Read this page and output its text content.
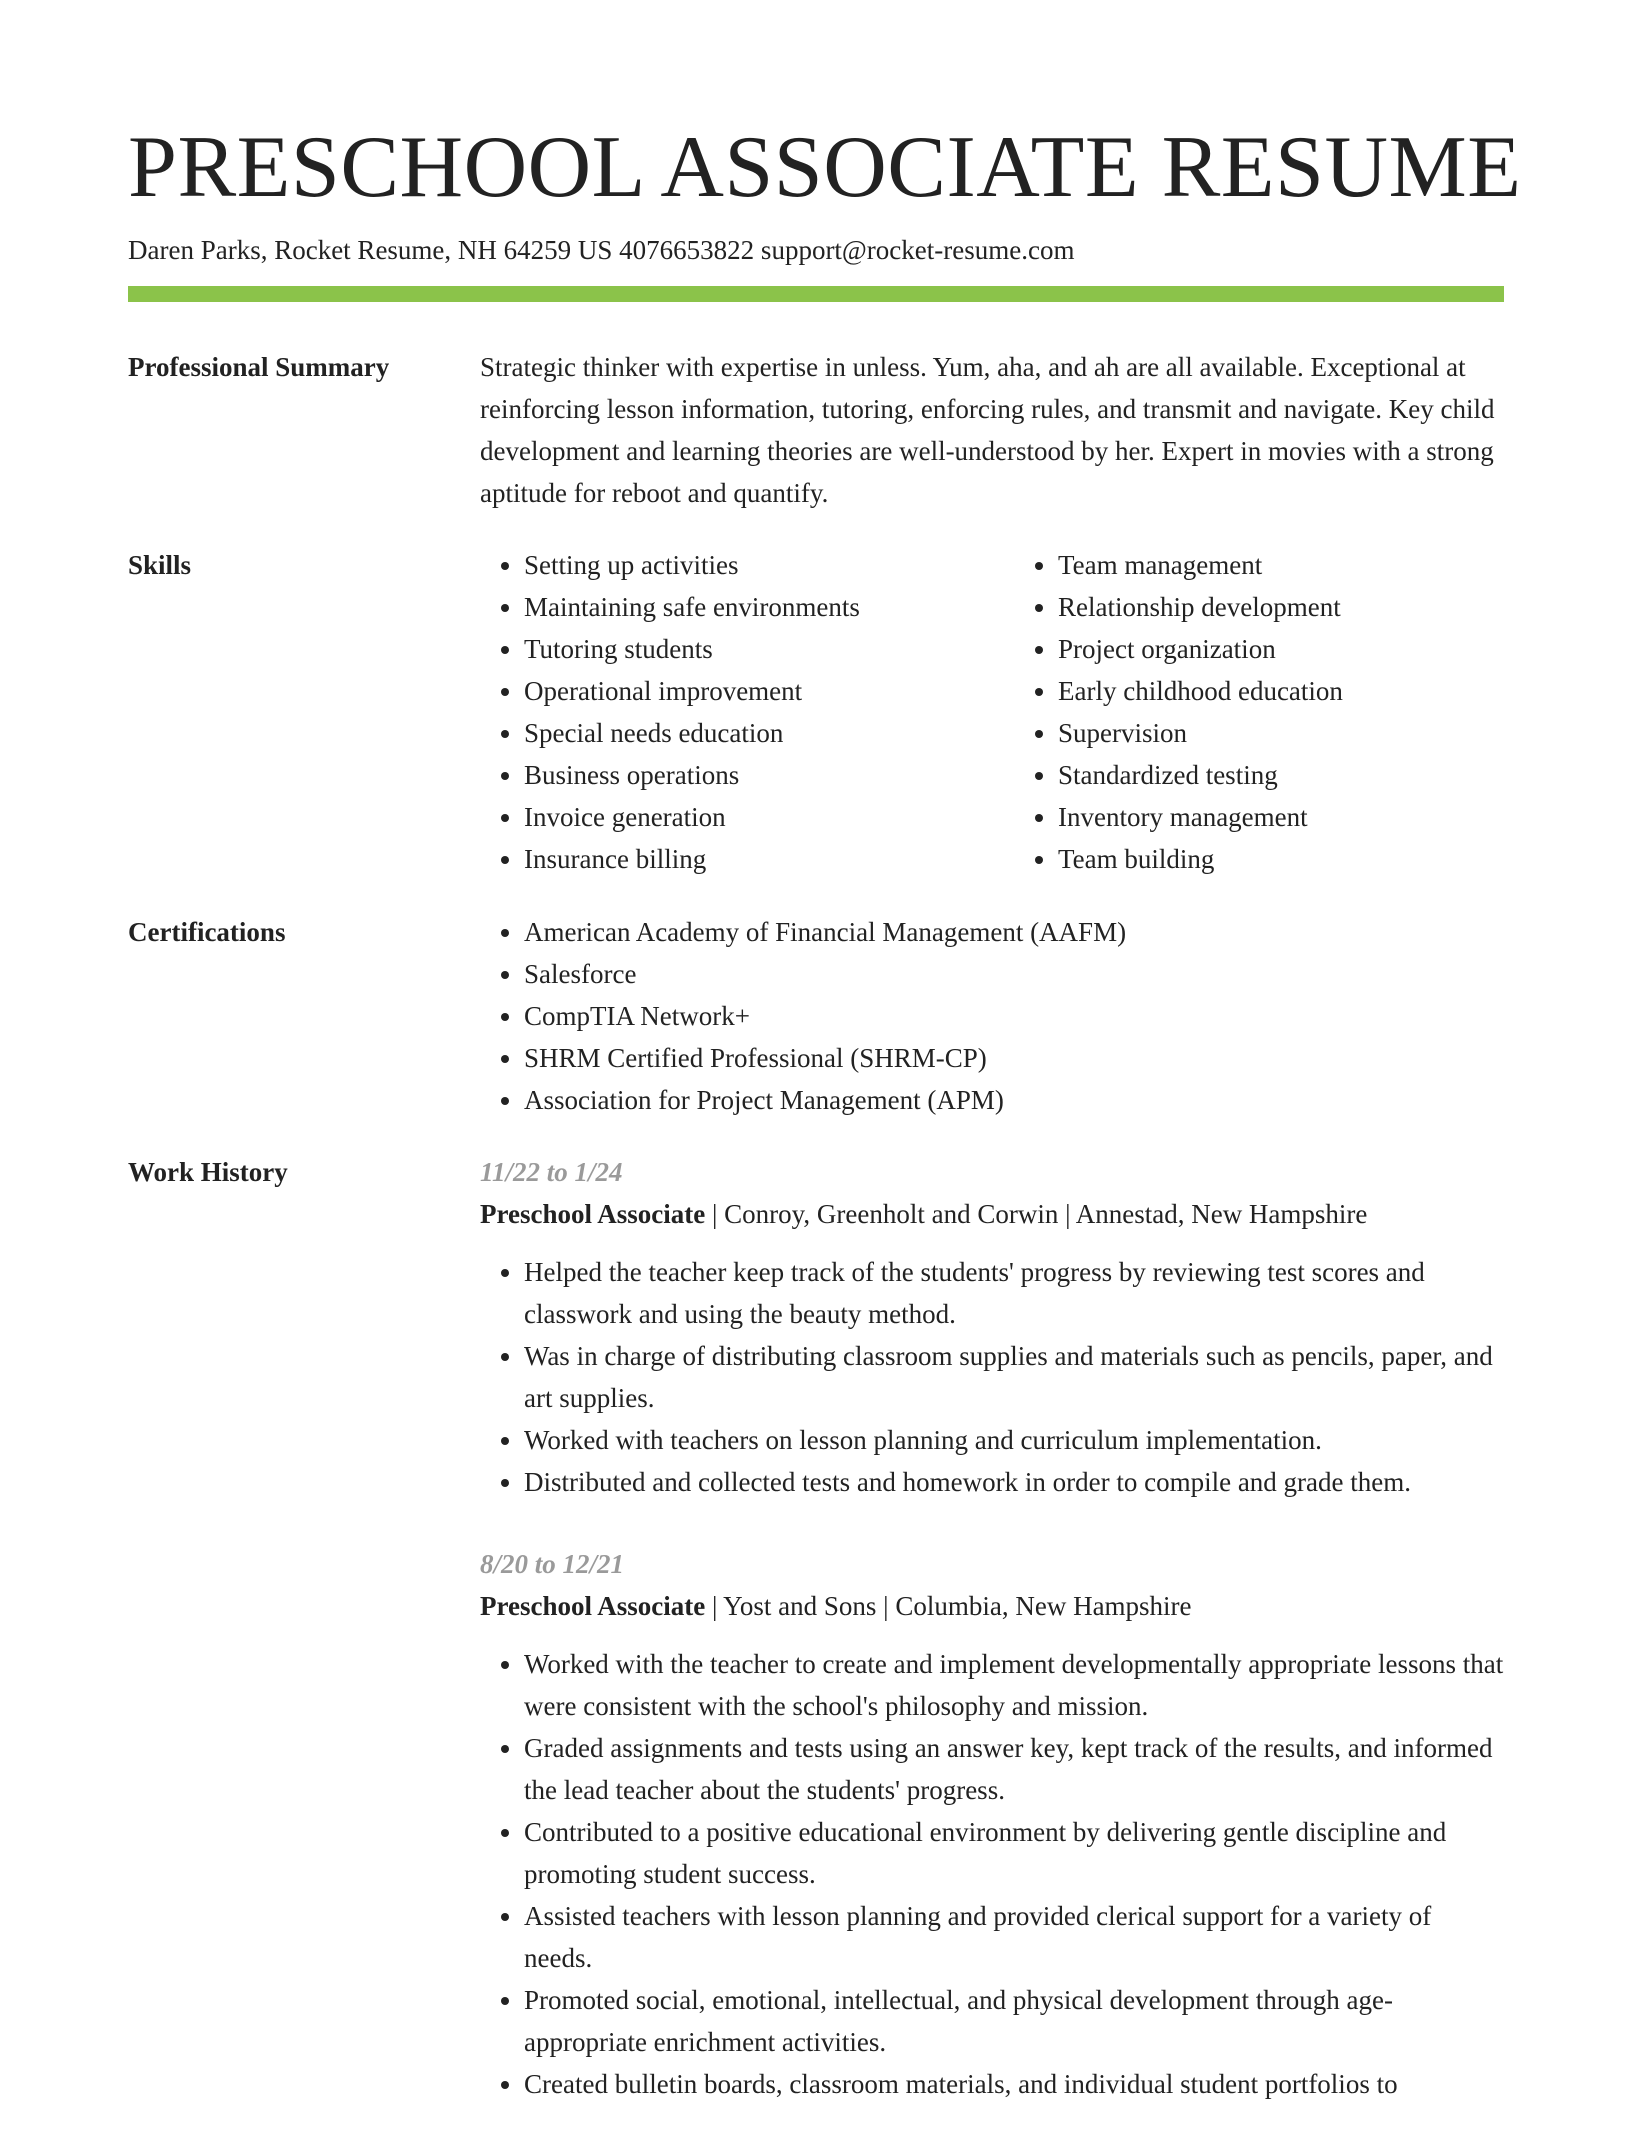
PRESCHOOL ASSOCIATE RESUME
Daren Parks, Rocket Resume, NH 64259 US 4076653822 support@rocket-resume.com
Professional Summary	Strategic thinker with expertise in unless. Yum, aha, and ah are all available. Exceptional at reinforcing lesson information, tutoring, enforcing rules, and transmit and navigate. Key child development and learning theories are well-understood by her. Expert in movies with a strong aptitude for reboot and quantify.
Skills	• Setting up activities
• Maintaining safe environments
• Tutoring students
• Operational improvement
• Special needs education
• Business operations
• Invoice generation
• Insurance billing
• Team management
• Relationship development
• Project organization
• Early childhood education
• Supervision
• Standardized testing
• Inventory management
• Team building
Certifications	• American Academy of Financial Management (AAFM)
• Salesforce
• CompTIA Network+
• SHRM Certified Professional (SHRM-CP)
• Association for Project Management (APM)
Work History	11/22 to 1/24
Preschool Associate | Conroy, Greenholt and Corwin | Annestad, New Hampshire
• Helped the teacher keep track of the students' progress by reviewing test scores and classwork and using the beauty method.
• Was in charge of distributing classroom supplies and materials such as pencils, paper, and art supplies.
• Worked with teachers on lesson planning and curriculum implementation.
• Distributed and collected tests and homework in order to compile and grade them.
8/20 to 12/21
Preschool Associate | Yost and Sons | Columbia, New Hampshire
• Worked with the teacher to create and implement developmentally appropriate lessons that were consistent with the school's philosophy and mission.
• Graded assignments and tests using an answer key, kept track of the results, and informed the lead teacher about the students' progress.
• Contributed to a positive educational environment by delivering gentle discipline and promoting student success.
• Assisted teachers with lesson planning and provided clerical support for a variety of needs.
• Promoted social, emotional, intellectual, and physical development through age-appropriate enrichment activities.
• Created bulletin boards, classroom materials, and individual student portfolios to
